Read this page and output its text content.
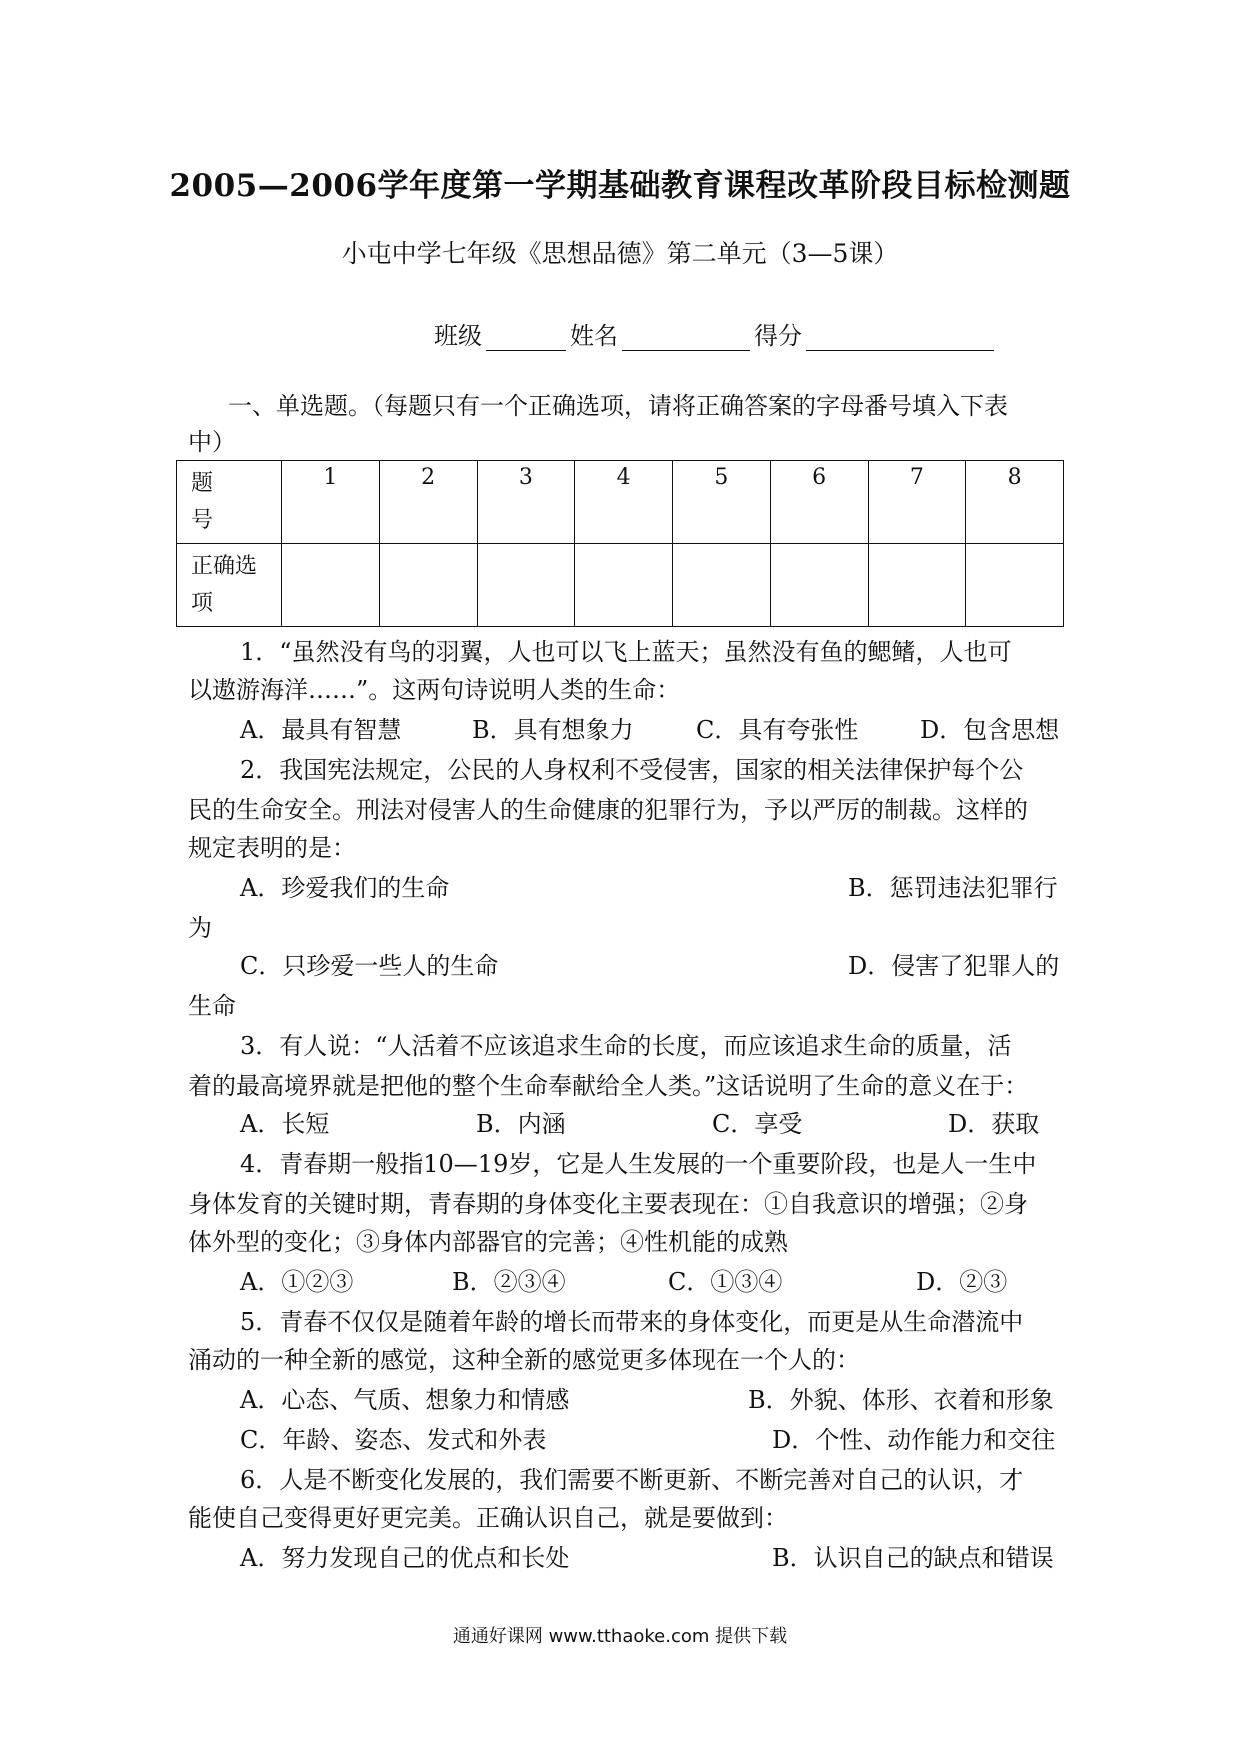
2005—2006学年度第一学期基础教育课程改革阶段目标检测题
小屯中学七年级《思想品德》第二单元（3—5课）
班级	姓名	得分
一、单选题。（每题只有一个正确选项，请将正确答案的字母番号填入下表
中）
题
号	1	2	3	4	5	6	7	8

正确选
项								

1．“虽然没有鸟的羽翼，人也可以飞上蓝天；虽然没有鱼的鳃鳍，人也可
以遨游海洋……”。这两句诗说明人类的生命：
A．最具有智慧	B．具有想象力	C．具有夸张性	D．包含思想
2．我国宪法规定，公民的人身权利不受侵害，国家的相关法律保护每个公
民的生命安全。刑法对侵害人的生命健康的犯罪行为，予以严厉的制裁。这样的
规定表明的是：
A．珍爱我们的生命	B．惩罚违法犯罪行
为
C．只珍爱一些人的生命	D．侵害了犯罪人的
生命
3．有人说：“人活着不应该追求生命的长度，而应该追求生命的质量，活
着的最高境界就是把他的整个生命奉献给全人类。”这话说明了生命的意义在于：
A．长短	B．内涵	C．享受	D．获取
4．青春期一般指10—19岁，它是人生发展的一个重要阶段，也是人一生中
身体发育的关键时期，青春期的身体变化主要表现在：①自我意识的增强；②身
体外型的变化；③身体内部器官的完善；④性机能的成熟
A．①②③	B．②③④	C．①③④	D．②③
5．青春不仅仅是随着年龄的增长而带来的身体变化，而更是从生命潜流中
涌动的一种全新的感觉，这种全新的感觉更多体现在一个人的：
A．心态、气质、想象力和情感	B．外貌、体形、衣着和形象
C．年龄、姿态、发式和外表	D．个性、动作能力和交往
6．人是不断变化发展的，我们需要不断更新、不断完善对自己的认识，才
能使自己变得更好更完美。正确认识自己，就是要做到：
A．努力发现自己的优点和长处	B．认识自己的缺点和错误
通通好课网 www.tthaoke.com 提供下载
